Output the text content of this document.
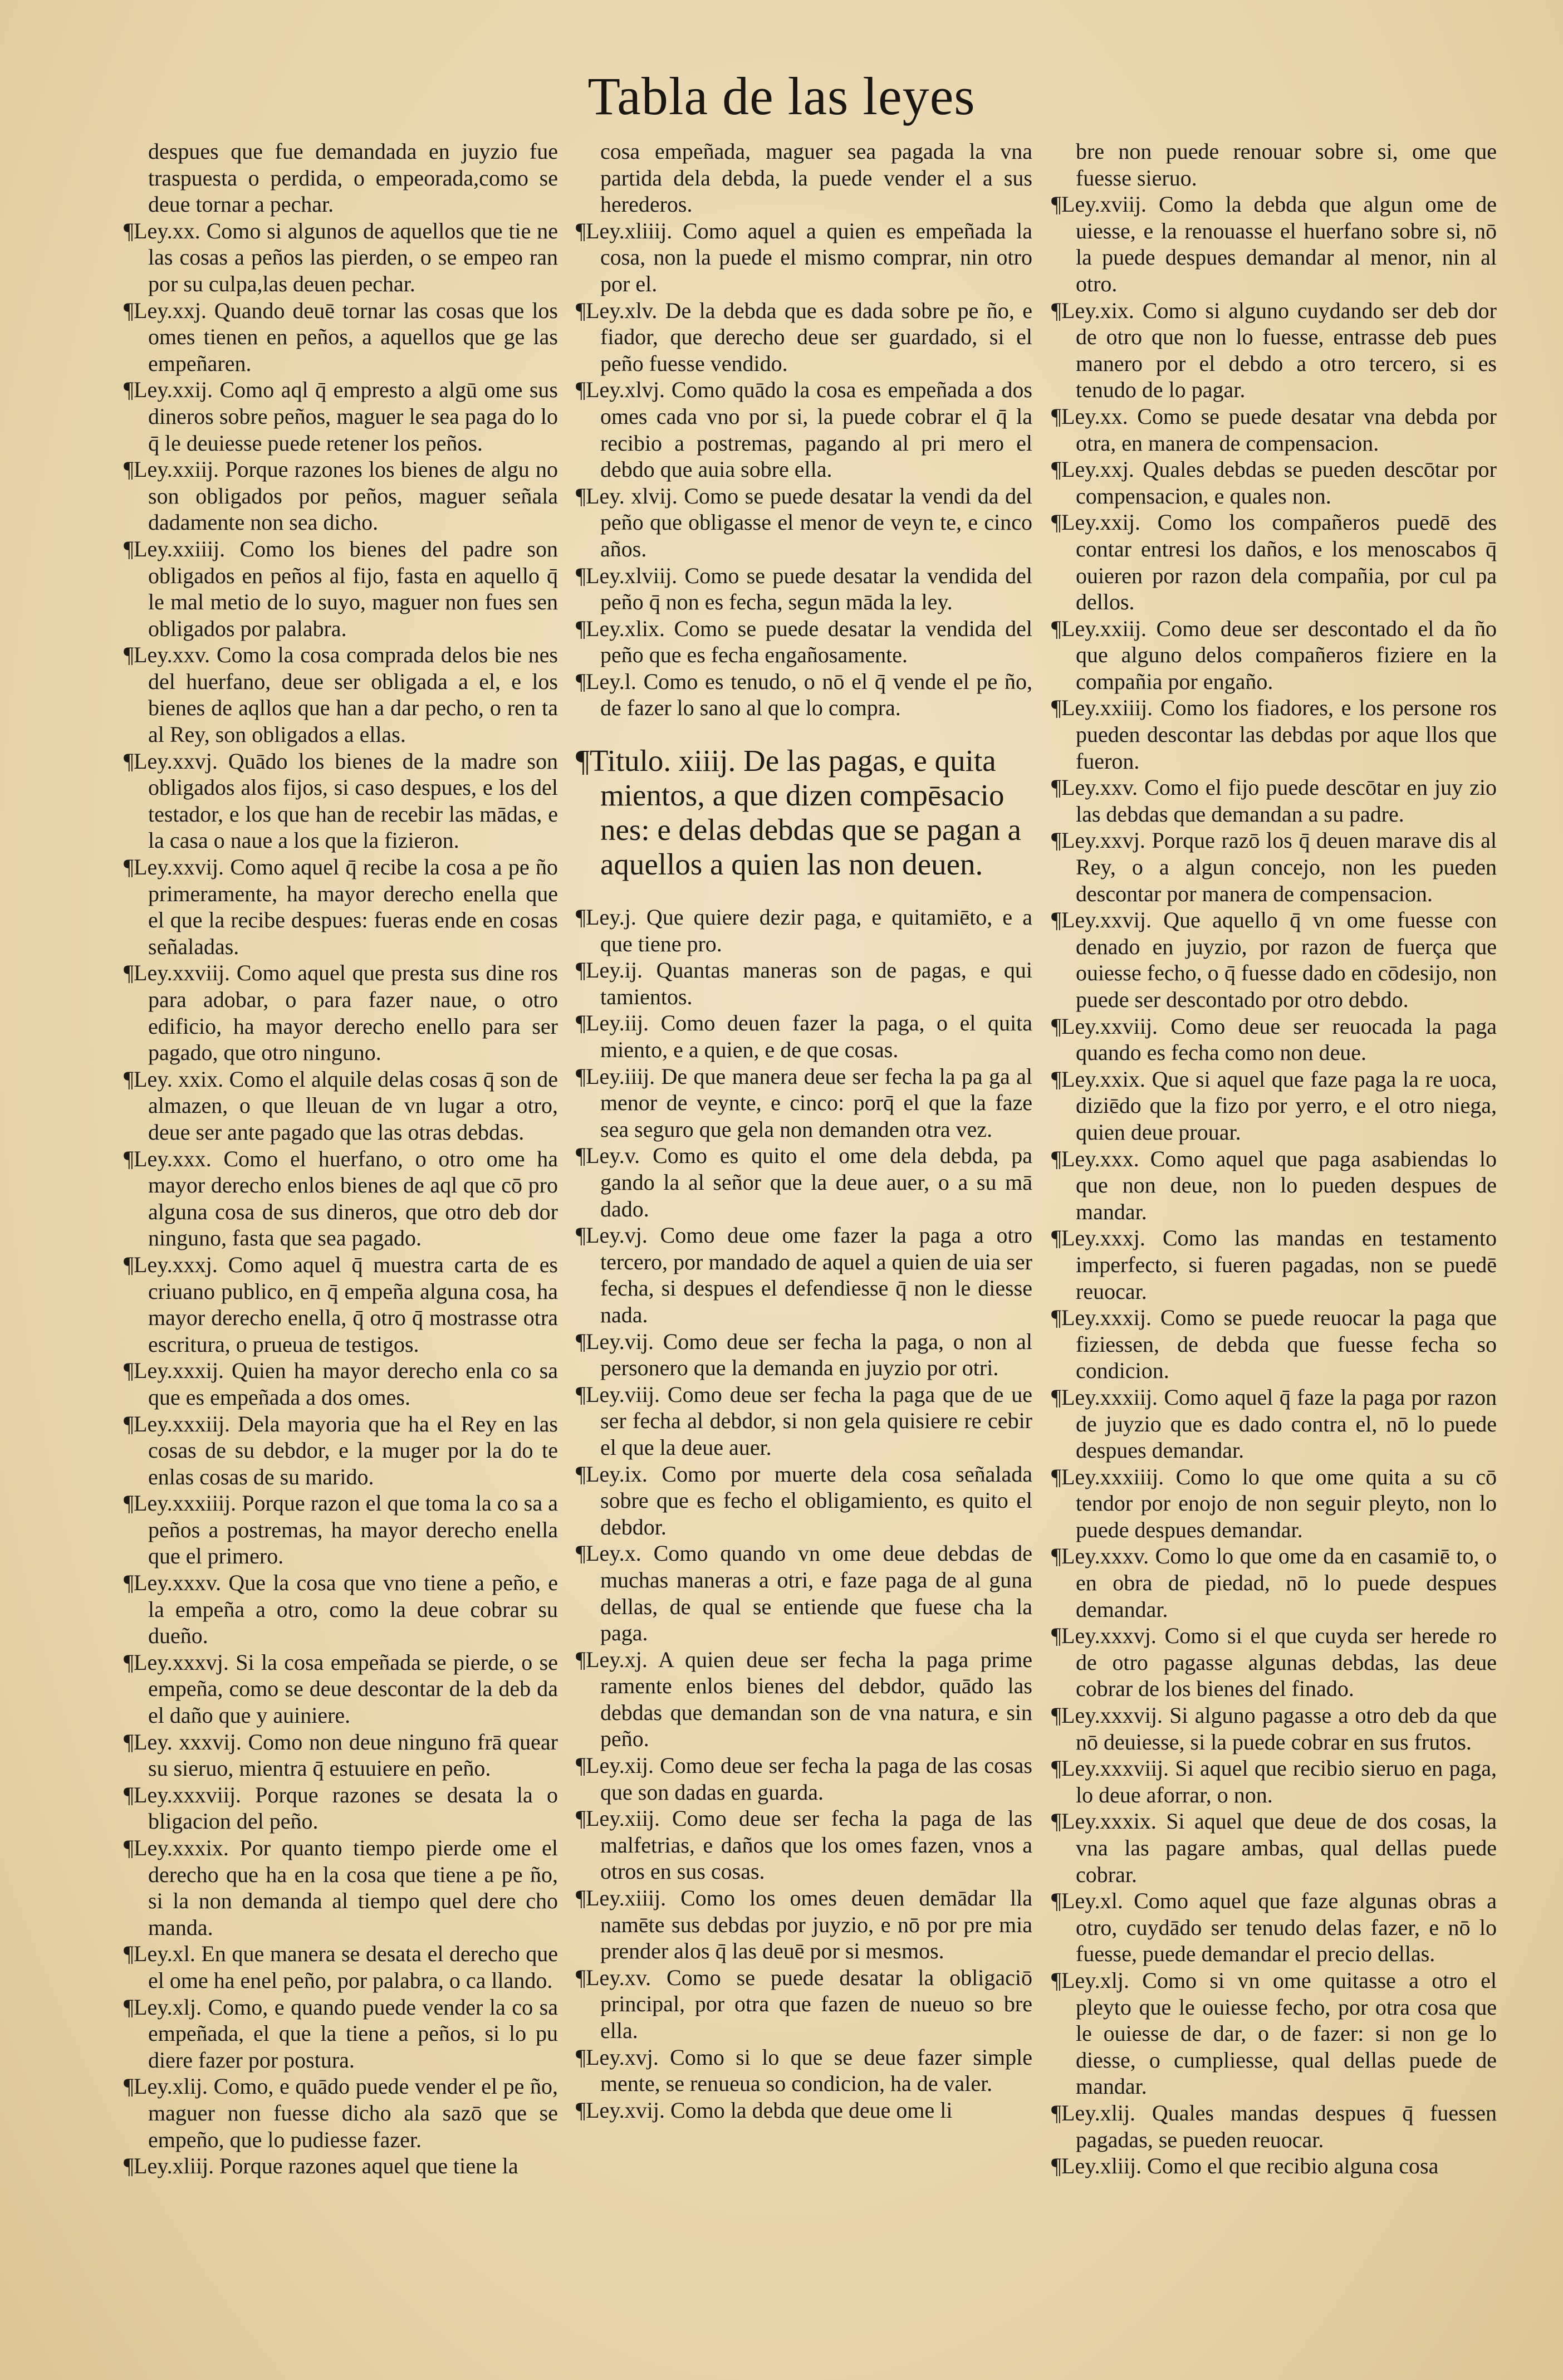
Tabla de las leyes
despues que fue demandada en juyzio fue traspuesta o perdida, o empeorada,como se deue tornar a pechar.
¶Ley.xx. Como si algunos de aquellos que tie ne las cosas a peños las pierden, o se empeo ran por su culpa,las deuen pechar.
¶Ley.xxj. Quando deuē tornar las cosas que los omes tienen en peños, a aquellos que ge las empeñaren.
¶Ley.xxij. Como aql q̄ empresto a algū ome sus dineros sobre peños, maguer le sea paga do lo q̄ le deuiesse puede retener los peños.
¶Ley.xxiij. Porque razones los bienes de algu no son obligados por peños, maguer señala dadamente non sea dicho.
¶Ley.xxiiij. Como los bienes del padre son obligados en peños al fijo, fasta en aquello q̄ le mal metio de lo suyo, maguer non fues sen obligados por palabra.
¶Ley.xxv. Como la cosa comprada delos bie nes del huerfano, deue ser obligada a el, e los bienes de aqllos que han a dar pecho, o ren ta al Rey, son obligados a ellas.
¶Ley.xxvj. Quādo los bienes de la madre son obligados alos fijos, si caso despues, e los del testador, e los que han de recebir las mādas, e la casa o naue a los que la fizieron.
¶Ley.xxvij. Como aquel q̄ recibe la cosa a pe ño primeramente, ha mayor derecho enella que el que la recibe despues: fueras ende en cosas señaladas.
¶Ley.xxviij. Como aquel que presta sus dine ros para adobar, o para fazer naue, o otro edificio, ha mayor derecho enello para ser pagado, que otro ninguno.
¶Ley. xxix. Como el alquile delas cosas q̄ son de almazen, o que lleuan de vn lugar a otro, deue ser ante pagado que las otras debdas.
¶Ley.xxx. Como el huerfano, o otro ome ha mayor derecho enlos bienes de aql que cō pro alguna cosa de sus dineros, que otro deb dor ninguno, fasta que sea pagado.
¶Ley.xxxj. Como aquel q̄ muestra carta de es criuano publico, en q̄ empeña alguna cosa, ha mayor derecho enella, q̄ otro q̄ mostrasse otra escritura, o prueua de testigos.
¶Ley.xxxij. Quien ha mayor derecho enla co sa que es empeñada a dos omes.
¶Ley.xxxiij. Dela mayoria que ha el Rey en las cosas de su debdor, e la muger por la do te enlas cosas de su marido.
¶Ley.xxxiiij. Porque razon el que toma la co sa a peños a postremas, ha mayor derecho enella que el primero.
¶Ley.xxxv. Que la cosa que vno tiene a peño, e la empeña a otro, como la deue cobrar su dueño.
¶Ley.xxxvj. Si la cosa empeñada se pierde, o se empeña, como se deue descontar de la deb da el daño que y auiniere.
¶Ley. xxxvij. Como non deue ninguno frā quear su sieruo, mientra q̄ estuuiere en peño.
¶Ley.xxxviij. Porque razones se desata la o bligacion del peño.
¶Ley.xxxix. Por quanto tiempo pierde ome el derecho que ha en la cosa que tiene a pe ño, si la non demanda al tiempo quel dere cho manda.
¶Ley.xl. En que manera se desata el derecho que el ome ha enel peño, por palabra, o ca llando.
¶Ley.xlj. Como, e quando puede vender la co sa empeñada, el que la tiene a peños, si lo pu diere fazer por postura.
¶Ley.xlij. Como, e quādo puede vender el pe ño, maguer non fuesse dicho ala sazō que se empeño, que lo pudiesse fazer.
¶Ley.xliij. Porque razones aquel que tiene la
cosa empeñada, maguer sea pagada la vna partida dela debda, la puede vender el a sus herederos.
¶Ley.xliiij. Como aquel a quien es empeñada la cosa, non la puede el mismo comprar, nin otro por el.
¶Ley.xlv. De la debda que es dada sobre pe ño, e fiador, que derecho deue ser guardado, si el peño fuesse vendido.
¶Ley.xlvj. Como quādo la cosa es empeñada a dos omes cada vno por si, la puede cobrar el q̄ la recibio a postremas, pagando al pri mero el debdo que auia sobre ella.
¶Ley. xlvij. Como se puede desatar la vendi da del peño que obligasse el menor de veyn te, e cinco años.
¶Ley.xlviij. Como se puede desatar la vendida del peño q̄ non es fecha, segun māda la ley.
¶Ley.xlix. Como se puede desatar la vendida del peño que es fecha engañosamente.
¶Ley.l. Como es tenudo, o nō el q̄ vende el pe ño, de fazer lo sano al que lo compra.
¶Titulo. xiiij. De las pagas, e quita mientos, a que dizen compēsacio nes: e delas debdas que se pagan a aquellos a quien las non deuen.
¶Ley.j. Que quiere dezir paga, e quitamiēto, e a que tiene pro.
¶Ley.ij. Quantas maneras son de pagas, e qui tamientos.
¶Ley.iij. Como deuen fazer la paga, o el quita miento, e a quien, e de que cosas.
¶Ley.iiij. De que manera deue ser fecha la pa ga al menor de veynte, e cinco: porq̄ el que la faze sea seguro que gela non demanden otra vez.
¶Ley.v. Como es quito el ome dela debda, pa gando la al señor que la deue auer, o a su mā dado.
¶Ley.vj. Como deue ome fazer la paga a otro tercero, por mandado de aquel a quien de uia ser fecha, si despues el defendiesse q̄ non le diesse nada.
¶Ley.vij. Como deue ser fecha la paga, o non al personero que la demanda en juyzio por otri.
¶Ley.viij. Como deue ser fecha la paga que de ue ser fecha al debdor, si non gela quisiere re cebir el que la deue auer.
¶Ley.ix. Como por muerte dela cosa señalada sobre que es fecho el obligamiento, es quito el debdor.
¶Ley.x. Como quando vn ome deue debdas de muchas maneras a otri, e faze paga de al guna dellas, de qual se entiende que fuese cha la paga.
¶Ley.xj. A quien deue ser fecha la paga prime ramente enlos bienes del debdor, quādo las debdas que demandan son de vna natura, e sin peño.
¶Ley.xij. Como deue ser fecha la paga de las cosas que son dadas en guarda.
¶Ley.xiij. Como deue ser fecha la paga de las malfetrias, e daños que los omes fazen, vnos a otros en sus cosas.
¶Ley.xiiij. Como los omes deuen demādar lla namēte sus debdas por juyzio, e nō por pre mia prender alos q̄ las deuē por si mesmos.
¶Ley.xv. Como se puede desatar la obligaciō principal, por otra que fazen de nueuo so bre ella.
¶Ley.xvj. Como si lo que se deue fazer simple mente, se renueua so condicion, ha de valer.
¶Ley.xvij. Como la debda que deue ome li
bre non puede renouar sobre si, ome que fuesse sieruo.
¶Ley.xviij. Como la debda que algun ome de uiesse, e la renouasse el huerfano sobre si, nō la puede despues demandar al menor, nin al otro.
¶Ley.xix. Como si alguno cuydando ser deb dor de otro que non lo fuesse, entrasse deb pues manero por el debdo a otro tercero, si es tenudo de lo pagar.
¶Ley.xx. Como se puede desatar vna debda por otra, en manera de compensacion.
¶Ley.xxj. Quales debdas se pueden descōtar por compensacion, e quales non.
¶Ley.xxij. Como los compañeros puedē des contar entresi los daños, e los menoscabos q̄ ouieren por razon dela compañia, por cul pa dellos.
¶Ley.xxiij. Como deue ser descontado el da ño que alguno delos compañeros fiziere en la compañia por engaño.
¶Ley.xxiiij. Como los fiadores, e los persone ros pueden descontar las debdas por aque llos que fueron.
¶Ley.xxv. Como el fijo puede descōtar en juy zio las debdas que demandan a su padre.
¶Ley.xxvj. Porque razō los q̄ deuen marave dis al Rey, o a algun concejo, non les pueden descontar por manera de compensacion.
¶Ley.xxvij. Que aquello q̄ vn ome fuesse con denado en juyzio, por razon de fuerça que ouiesse fecho, o q̄ fuesse dado en cōdesijo, non puede ser descontado por otro debdo.
¶Ley.xxviij. Como deue ser reuocada la paga quando es fecha como non deue.
¶Ley.xxix. Que si aquel que faze paga la re uoca, diziēdo que la fizo por yerro, e el otro niega, quien deue prouar.
¶Ley.xxx. Como aquel que paga asabiendas lo que non deue, non lo pueden despues de mandar.
¶Ley.xxxj. Como las mandas en testamento imperfecto, si fueren pagadas, non se puedē reuocar.
¶Ley.xxxij. Como se puede reuocar la paga que fiziessen, de debda que fuesse fecha so condicion.
¶Ley.xxxiij. Como aquel q̄ faze la paga por razon de juyzio que es dado contra el, nō lo puede despues demandar.
¶Ley.xxxiiij. Como lo que ome quita a su cō tendor por enojo de non seguir pleyto, non lo puede despues demandar.
¶Ley.xxxv. Como lo que ome da en casamiē to, o en obra de piedad, nō lo puede despues demandar.
¶Ley.xxxvj. Como si el que cuyda ser herede ro de otro pagasse algunas debdas, las deue cobrar de los bienes del finado.
¶Ley.xxxvij. Si alguno pagasse a otro deb da que nō deuiesse, si la puede cobrar en sus frutos.
¶Ley.xxxviij. Si aquel que recibio sieruo en paga, lo deue aforrar, o non.
¶Ley.xxxix. Si aquel que deue de dos cosas, la vna las pagare ambas, qual dellas puede cobrar.
¶Ley.xl. Como aquel que faze algunas obras a otro, cuydādo ser tenudo delas fazer, e nō lo fuesse, puede demandar el precio dellas.
¶Ley.xlj. Como si vn ome quitasse a otro el pleyto que le ouiesse fecho, por otra cosa que le ouiesse de dar, o de fazer: si non ge lo diesse, o cumpliesse, qual dellas puede de mandar.
¶Ley.xlij. Quales mandas despues q̄ fuessen pagadas, se pueden reuocar.
¶Ley.xliij. Como el que recibio alguna cosa
